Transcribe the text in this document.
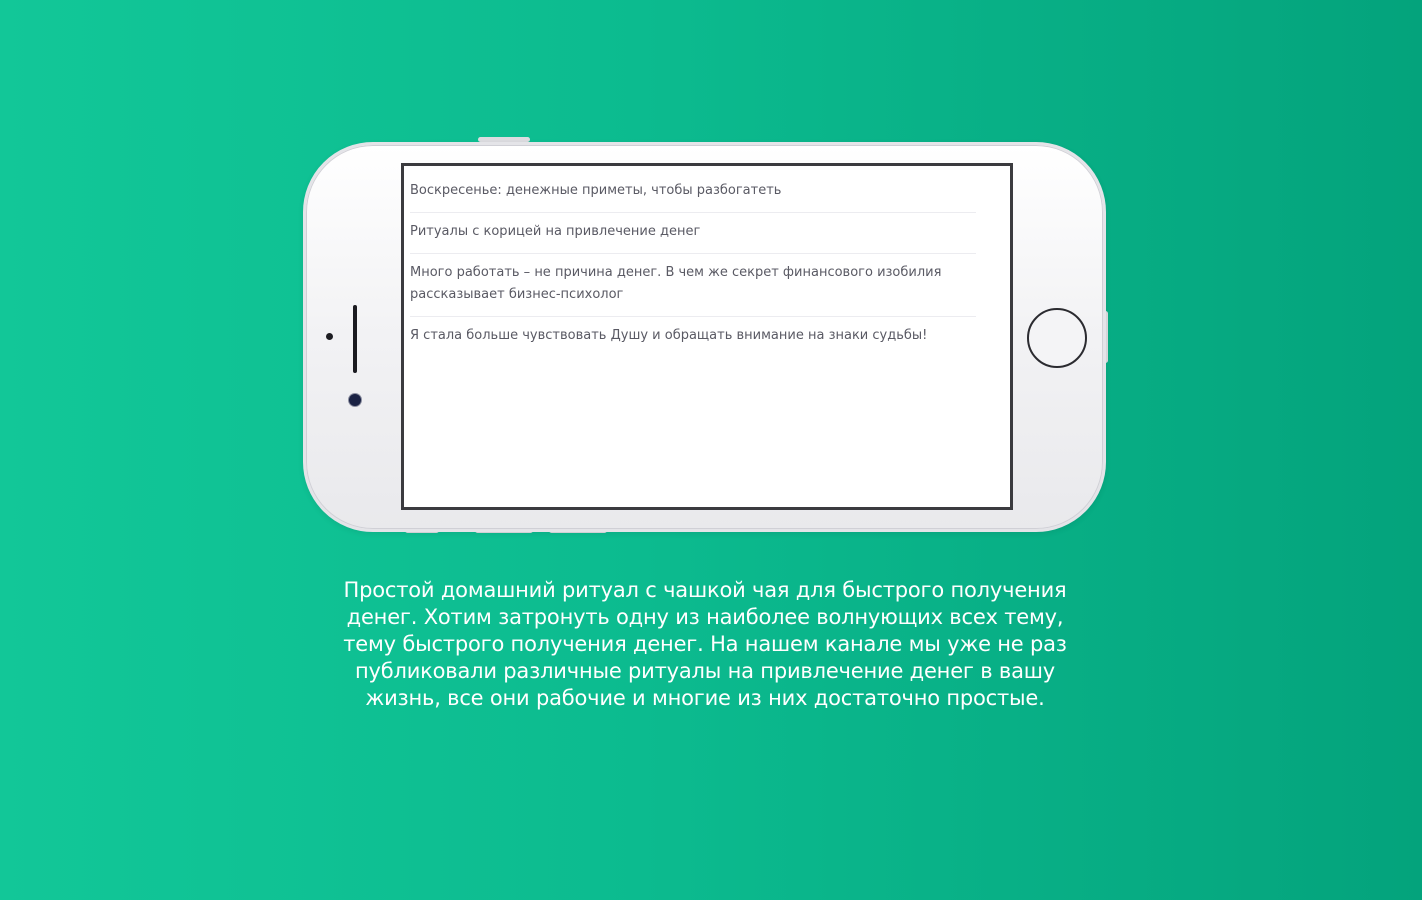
Воскресенье: денежные приметы, чтобы разбогатеть
Ритуалы с корицей на привлечение денег
Много работать – не причина денег. В чем же секрет финансового изобилия рассказывает бизнес-психолог
Я стала больше чувствовать Душу и обращать внимание на знаки судьбы!
Простой домашний ритуал с чашкой чая для быстрого получения денег. Хотим затронуть одну из наиболее волнующих всех тему, тему быстрого получения денег. На нашем канале мы уже не раз публиковали различные ритуалы на привлечение денег в вашу жизнь, все они рабочие и многие из них достаточно простые.
